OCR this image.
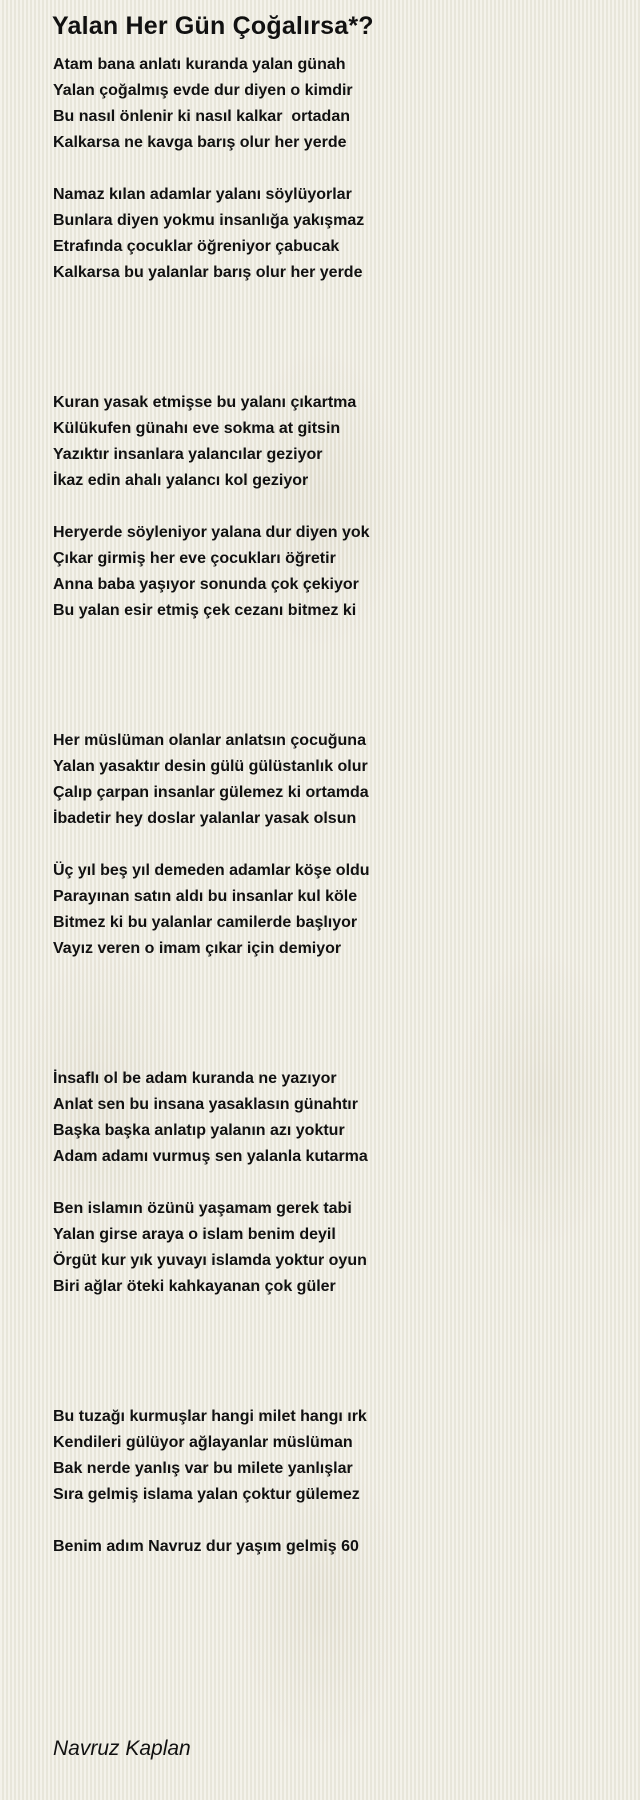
Yalan Her Gün Çoğalırsa*?
Atam bana anlatı kuranda yalan günah
Yalan çoğalmış evde dur diyen o kimdir
Bu nasıl önlenir ki nasıl kalkar  ortadan
Kalkarsa ne kavga barış olur her yerde
Namaz kılan adamlar yalanı söylüyorlar
Bunlara diyen yokmu insanlığa yakışmaz
Etrafında çocuklar öğreniyor çabucak
Kalkarsa bu yalanlar barış olur her yerde
Kuran yasak etmişse bu yalanı çıkartma
Külükufen günahı eve sokma at gitsin
Yazıktır insanlara yalancılar geziyor
İkaz edin ahalı yalancı kol geziyor
Heryerde söyleniyor yalana dur diyen yok
Çıkar girmiş her eve çocukları öğretir
Anna baba yaşıyor sonunda çok çekiyor
Bu yalan esir etmiş çek cezanı bitmez ki
Her müslüman olanlar anlatsın çocuğuna
Yalan yasaktır desin gülü gülüstanlık olur
Çalıp çarpan insanlar gülemez ki ortamda
İbadetir hey doslar yalanlar yasak olsun
Üç yıl beş yıl demeden adamlar köşe oldu
Parayınan satın aldı bu insanlar kul köle
Bitmez ki bu yalanlar camilerde başlıyor
Vayız veren o imam çıkar için demiyor
İnsaflı ol be adam kuranda ne yazıyor
Anlat sen bu insana yasaklasın günahtır
Başka başka anlatıp yalanın azı yoktur
Adam adamı vurmuş sen yalanla kutarma
Ben islamın özünü yaşamam gerek tabi
Yalan girse araya o islam benim deyil
Örgüt kur yık yuvayı islamda yoktur oyun
Biri ağlar öteki kahkayanan çok güler
Bu tuzağı kurmuşlar hangi milet hangı ırk
Kendileri gülüyor ağlayanlar müslüman
Bak nerde yanlış var bu milete yanlışlar
Sıra gelmiş islama yalan çoktur gülemez
Benim adım Navruz dur yaşım gelmiş 60
Navruz Kaplan
